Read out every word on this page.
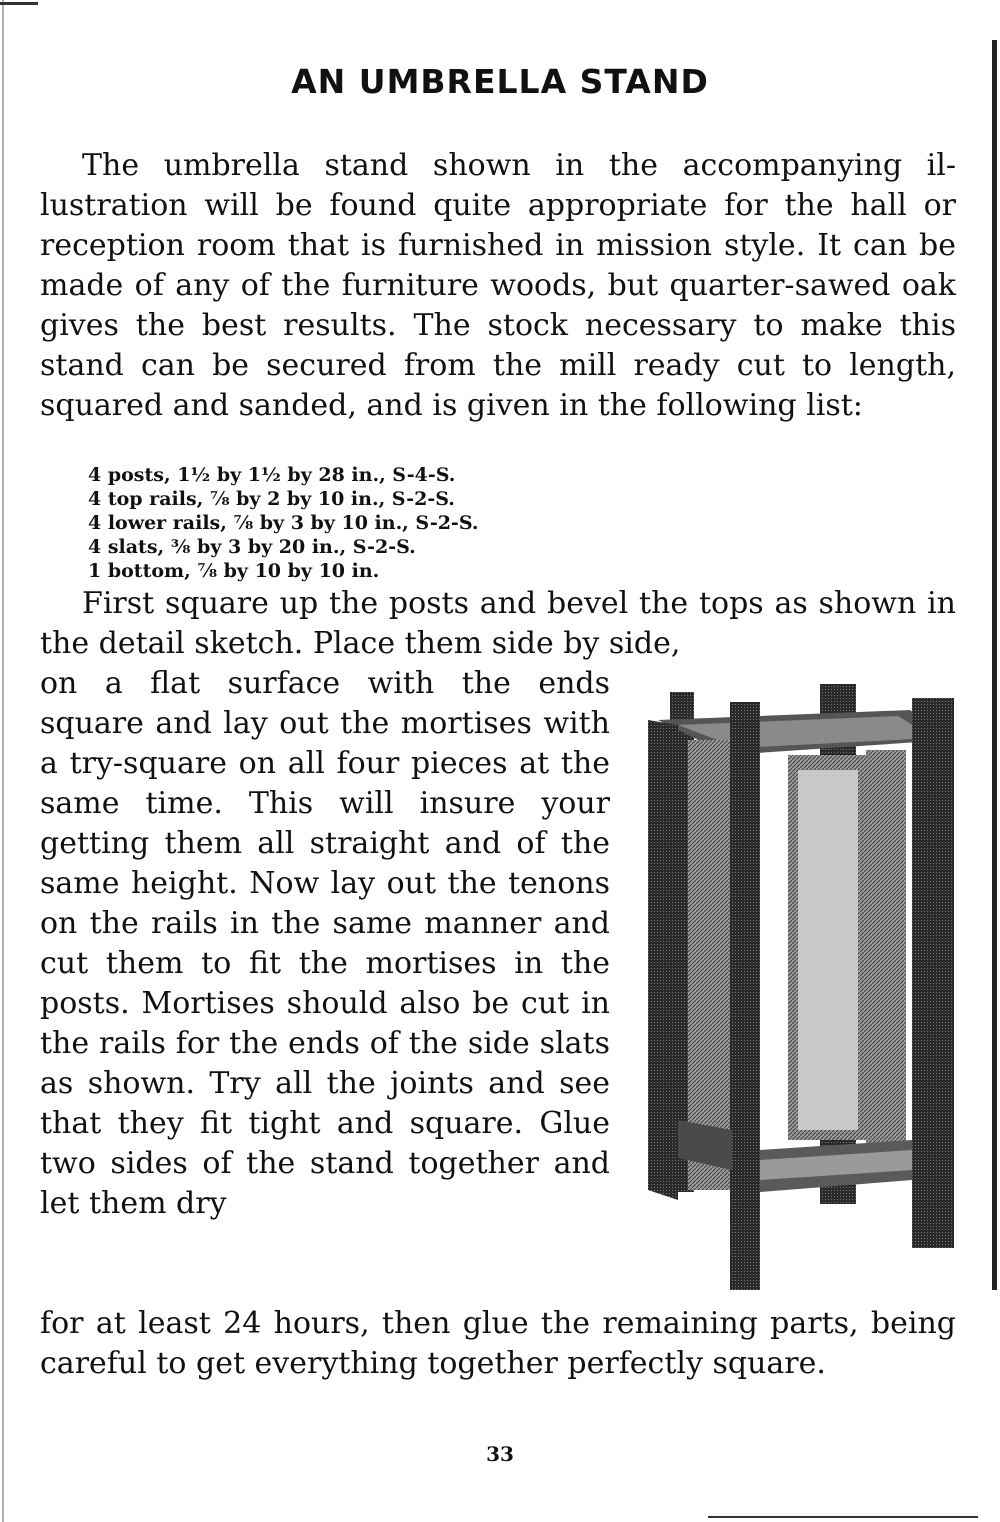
AN UMBRELLA STAND

The umbrella stand shown in the accompanying illustration will be found quite appropriate for the hall or reception room that is furnished in mission style. It can be made of any of the furniture woods, but quarter-sawed oak gives the best results. The stock necessary to make this stand can be secured from the mill ready cut to length, squared and sanded, and is given in the following list:

4 posts, 1½ by 1½ by 28 in., S-4-S.
4 top rails, ⅞ by 2 by 10 in., S-2-S.
4 lower rails, ⅞ by 3 by 10 in., S-2-S.
4 slats, ⅜ by 3 by 20 in., S-2-S.
1 bottom, ⅞ by 10 by 10 in.

First square up the posts and bevel the tops as shown in the detail sketch. Place them side by side,

on a flat surface with the ends square and lay out the mortises with a try-square on all four pieces at the same time. This will insure your getting them all straight and of the same height. Now lay out the tenons on the rails in the same manner and cut them to fit the mortises in the posts. Mortises should also be cut in the rails for the ends of the side slats as shown. Try all the joints and see that they fit tight and square. Glue two sides of the stand together and let them dry

for at least 24 hours, then glue the remaining parts, being careful to get everything together perfectly square.

33
